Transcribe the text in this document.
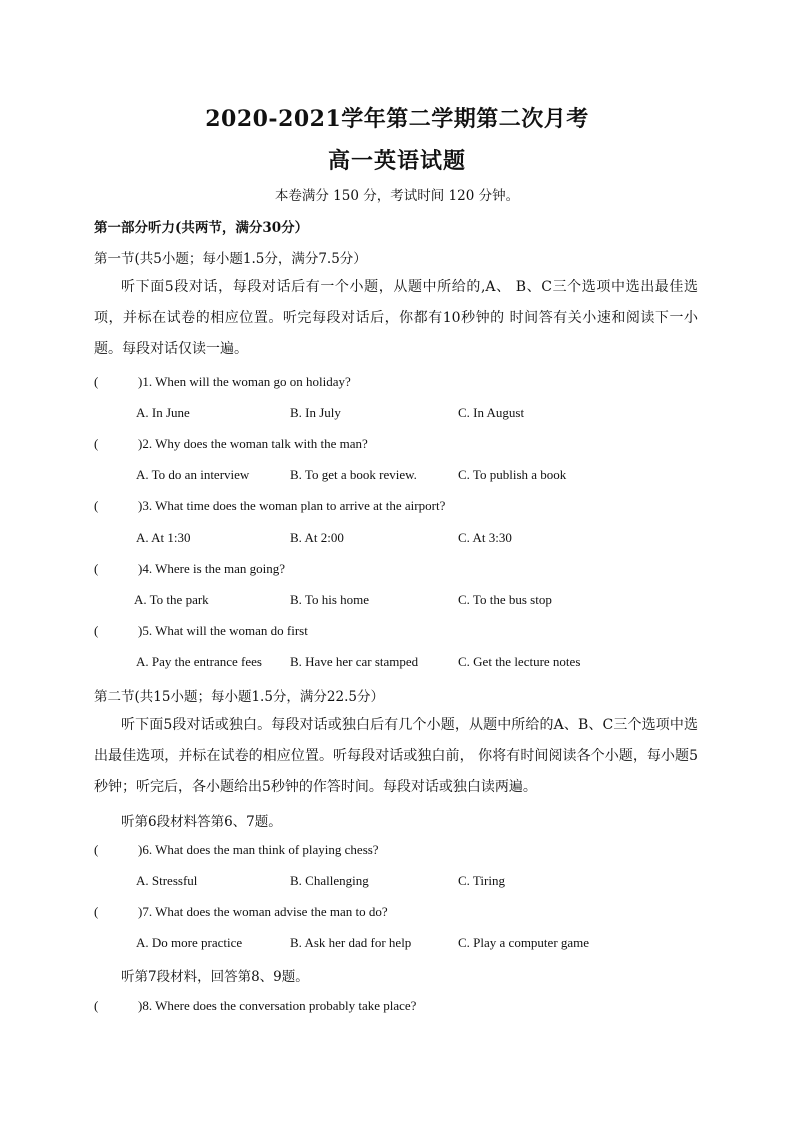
2020-2021学年第二学期第二次月考
高一英语试题
本卷满分 150 分，考试时间 120 分钟。
第一部分听力(共两节，满分30分）
第一节(共5小题；每小题1.5分，满分7.5分）
听下面5段对话，每段对话后有一个小题，从题中所给的,A、 B、C三个选项中选出最佳选项，并标在试卷的相应位置。听完每段对话后，你都有10秒钟的 时间答有关小速和阅读下一小题。每段对话仅读一遍。
(	)1. When will the woman go on holiday?
A. In June	B. In July	C. In August
(	)2. Why does the woman talk with the man?
A. To do an interview	B. To get a book review.	C. To publish a book
(	)3. What time does the woman plan to arrive at the airport?
A. At 1:30	B. At 2:00	C. At 3:30
(	)4. Where is the man going?
A. To the park	B. To his home	C. To the bus stop
(	)5. What will the woman do first
A. Pay the entrance fees B. Have her car stamped	C. Get the lecture notes
第二节(共15小题；每小题1.5分，满分22.5分）
听下面5段对话或独白。每段对话或独白后有几个小题，从题中所给的A、B、C三个选项中选出最佳选项，并标在试卷的相应位置。听每段对话或独白前， 你将有时间阅读各个小题，每小题5秒钟；听完后，各小题给出5秒钟的作答时间。每段对话或独白读两遍。
听第6段材料答第6、7题。
(	)6. What does the man think of playing chess?
A. Stressful	B. Challenging	C. Tiring
(	)7. What does the woman advise the man to do?
A. Do more practice	B. Ask her dad for help	C. Play a computer game
听第7段材料，回答第8、9题。
(	)8. Where does the conversation probably take place?
